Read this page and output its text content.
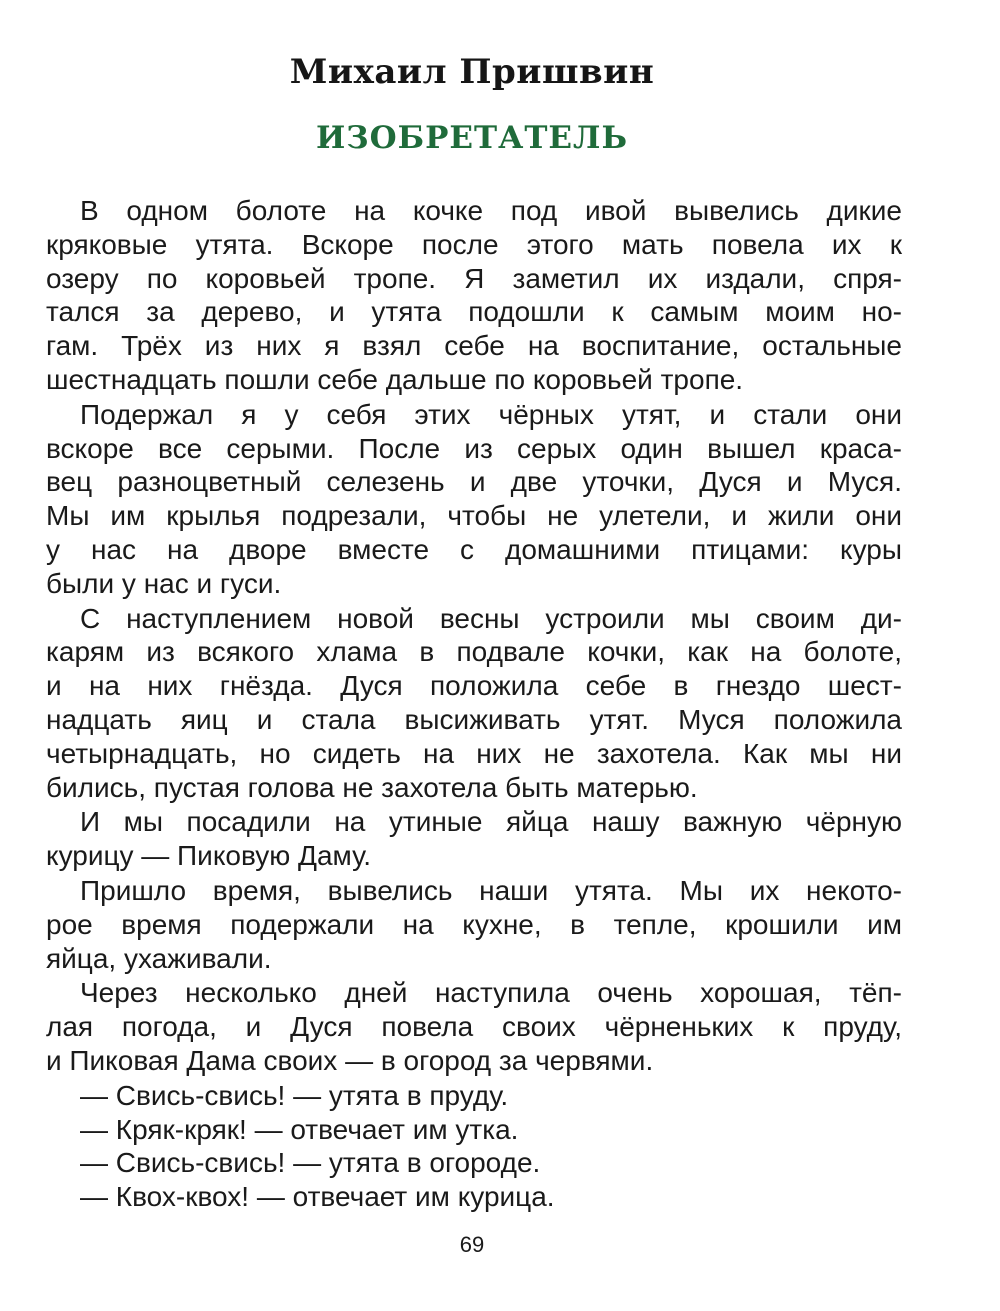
Михаил Пришвин
ИЗОБРЕТАТЕЛЬ
В одном болоте на кочке под ивой вывелись дикие
кряковые утята. Вскоре после этого мать повела их к
озеру по коровьей тропе. Я заметил их издали, спря-
тался за дерево, и утята подошли к самым моим но-
гам. Трёх из них я взял себе на воспитание, остальные
шестнадцать пошли себе дальше по коровьей тропе.
Подержал я у себя этих чёрных утят, и стали они
вскоре все серыми. После из серых один вышел краса-
вец разноцветный селезень и две уточки, Дуся и Муся.
Мы им крылья подрезали, чтобы не улетели, и жили они
у нас на дворе вместе с домашними птицами: куры
были у нас и гуси.
С наступлением новой весны устроили мы своим ди-
карям из всякого хлама в подвале кочки, как на болоте,
и на них гнёзда. Дуся положила себе в гнездо шест-
надцать яиц и стала высиживать утят. Муся положила
четырнадцать, но сидеть на них не захотела. Как мы ни
бились, пустая голова не захотела быть матерью.
И мы посадили на утиные яйца нашу важную чёрную
курицу — Пиковую Даму.
Пришло время, вывелись наши утята. Мы их некото-
рое время подержали на кухне, в тепле, крошили им
яйца, ухаживали.
Через несколько дней наступила очень хорошая, тёп-
лая погода, и Дуся повела своих чёрненьких к пруду,
и Пиковая Дама своих — в огород за червями.
— Свись-свись! — утята в пруду.
— Кряк-кряк! — отвечает им утка.
— Свись-свись! — утята в огороде.
— Квох-квох! — отвечает им курица.
69
